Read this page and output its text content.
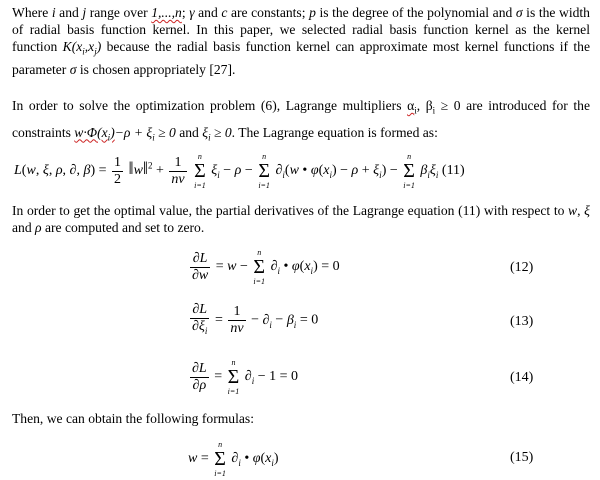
Where i and j range over 1,...,n; γ and c are constants; p is the degree of the polynomial and σ is the width of radial basis function kernel. In this paper, we selected radial basis function kernel as the kernel function $K(x_i,x_j)$ because the radial basis function kernel can approximate most kernel functions if the parameter σ is chosen appropriately [27].
In order to solve the optimization problem (6), Lagrange multipliers $\alpha_i$, $\beta_i \ge 0$ are introduced for the constraints $w\cdot\Phi(x_i)-\rho + \xi_i \ge 0$ and $\xi_i \ge 0$. The Lagrange equation is formed as:
L(w, ξ, ρ, ∂, $\beta) = \frac{1}{2}$ ‖w‖$^2$ + $\frac{1}{nv}$
	n
Σ
i=1
$\xi_i - \rho$ −
n
Σ
i=1
$\partial_i(w$ • $\varphi(x_i) - \rho + \xi_i$) −
n
Σ
i=1
$\beta_i\xi_i$ (11)
In order to get the optimal value, the partial derivatives of the Lagrange equation (11) with respect to w, ξ and ρ are computed and set to zero.
$\frac{\partial L}{\partial w} = w$ −
n
Σ
i=1
$\partial_i$ • $\varphi(x_i) = 0$	(12)
$\frac{\partial L}{\partial\xi_i} = \frac{1}{nv} - \partial_i - \beta_i = 0$	(13)
$\frac{\partial L}{\partial\rho}$ =
n
Σ
i=1
$\partial_i - 1 = 0$	(14)
Then, we can obtain the following formulas:
w =
n
Σ
i=1
$\partial_i$ • $\varphi(x_i)$	(15)
